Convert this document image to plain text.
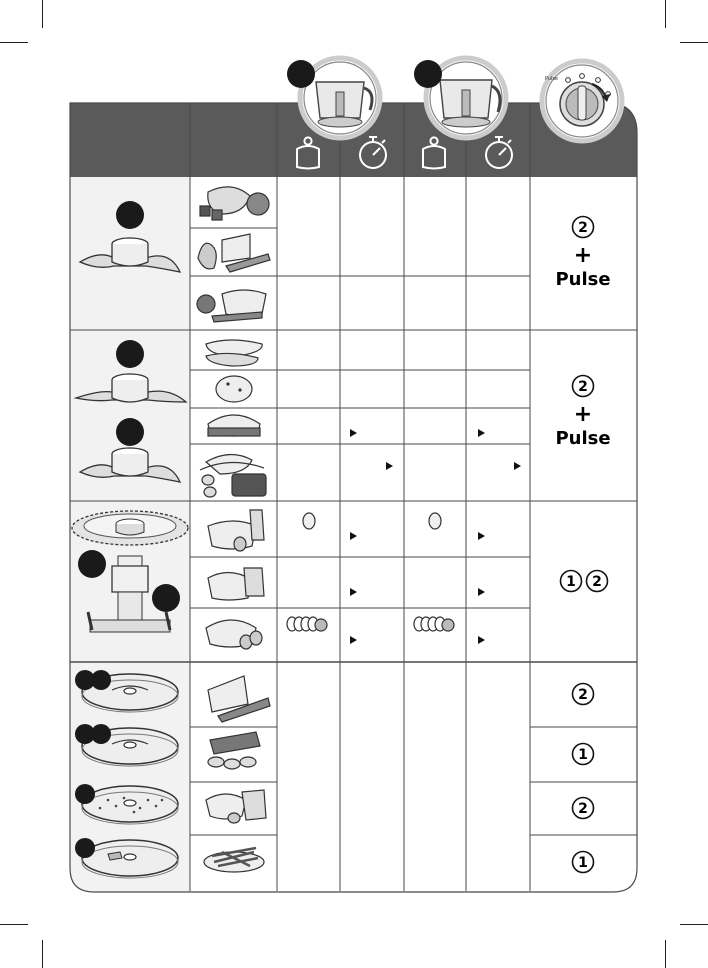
Pulse
2
+
Pulse
2
+
Pulse
1 2
2
1
2
1
